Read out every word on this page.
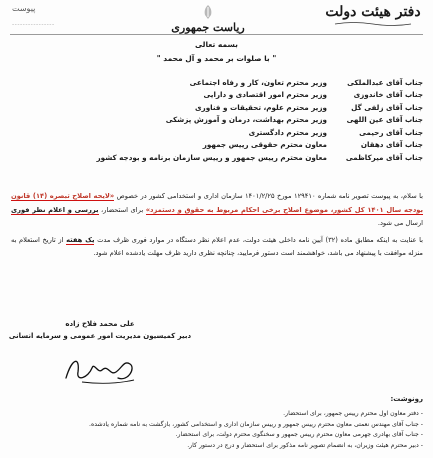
دفتر هیئت دولت
ریاست جمهوری
پیوست
----------------
بسمه تعالی
" با صلوات بر محمد و آل محمد "
جناب آقای عبدالملکی
وزیر محترم تعاون، کار و رفاه اجتماعی
جناب آقای خاندوزی
وزیر محترم امور اقتصادی و دارایی
جناب آقای زلفی گل
وزیر محترم علوم، تحقیقات و فناوری
جناب آقای عین اللهی
وزیر محترم بهداشت، درمان و آموزش پزشکی
جناب آقای رحیمی
وزیر محترم دادگستری
جناب آقای دهقان
معاون محترم حقوقی رییس جمهور
جناب آقای میرکاظمی
معاون محترم رییس جمهور و رییس سازمان برنامه و بودجه کشور

با سلام، به پیوست تصویر نامه شماره ۱۲۹۴۱۰ مورخ ۱۴۰۱/۲/۲۵ سازمان اداری و استخدامی کشور در خصوص «لایحه اصلاح تبصره (۱۴) قانون بودجه سال ۱۴۰۱ کل کشور، موضوع اصلاح برخی احکام مربوط به حقوق و دستمزد» برای استحضار، بررسی و اعلام نظر فوری ارسال می شود.

با عنایت به اینکه مطابق ماده (۳۲) آیین نامه داخلی هیئت دولت، عدم اعلام نظر دستگاه در موارد فوری ظرف مدت یک هفته از تاریخ استعلام به منزله موافقت با پیشنهاد می باشد، خواهشمند است دستور فرمایید، چنانچه نظری دارید ظرف مهلت یادشده اعلام شود.

علی محمد فلاح زاده
دبیر کمیسیون مدیریت امور عمومی و سرمایه انسانی
رونوشت:
- دفتر معاون اول محترم رییس جمهور، برای استحضار.
- جناب آقای مهندس نعمتی معاون محترم رییس جمهور و رییس سازمان اداری و استخدامی کشور، بازگشت به نامه شماره یادشده.
- جناب آقای بهادری جهرمی معاون محترم رییس جمهور و سخنگوی محترم دولت، برای استحضار.
- دبیر محترم هیئت وزیران، به انضمام تصویر نامه مذکور برای استحضار و درج در دستور کار.
